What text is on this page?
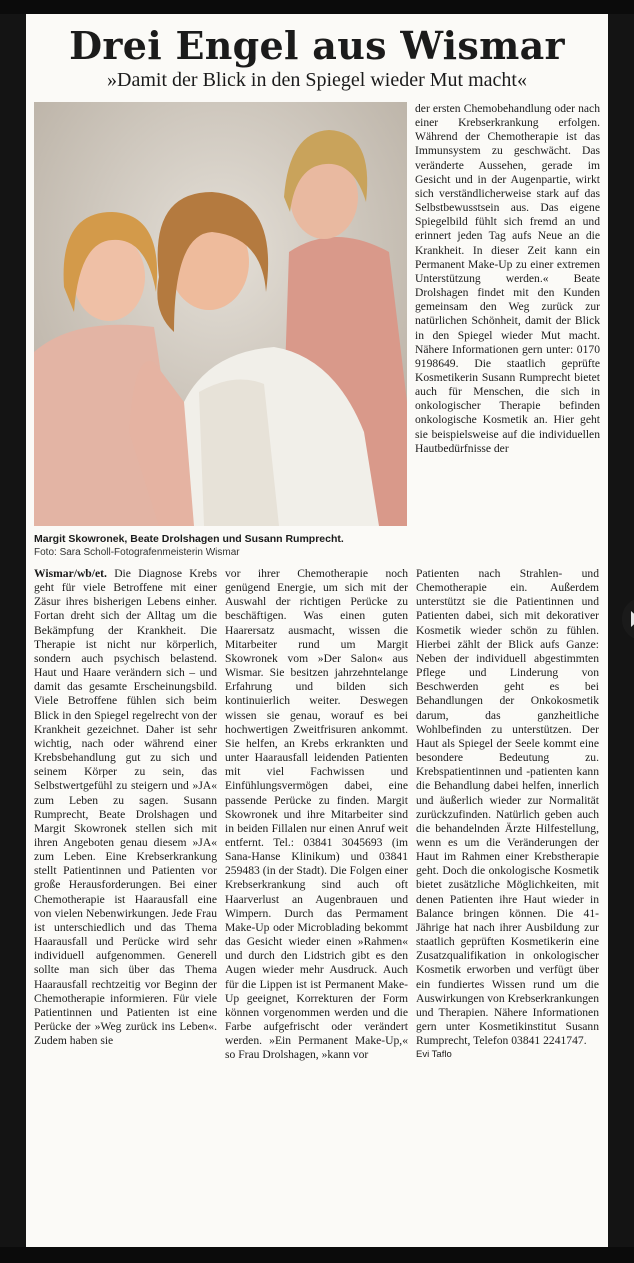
Drei Engel aus Wismar
»Damit der Blick in den Spiegel wieder Mut macht«
Margit Skowronek, Beate Drolshagen und Susann Rumprecht.
Foto: Sara Scholl-Fotografenmeisterin Wismar
der ersten Chemobehandlung oder nach einer Krebserkrankung erfolgen. Während der Chemotherapie ist das Immunsystem zu geschwächt. Das veränderte Aussehen, gerade im Gesicht und in der Augenpartie, wirkt sich verständlicherweise stark auf das Selbstbewusstsein aus. Das eigene Spiegelbild fühlt sich fremd an und erinnert jeden Tag aufs Neue an die Krankheit. In dieser Zeit kann ein Permanent Make-Up zu einer extremen Unterstützung werden.« Beate Drolshagen findet mit den Kunden gemeinsam den Weg zurück zur natürlichen Schönheit, damit der Blick in den Spiegel wieder Mut macht. Nähere Informationen gern unter: 0170 9198649. Die staatlich geprüfte Kosmetikerin Susann Rumprecht bietet auch für Menschen, die sich in onkologischer Therapie befinden onkologische Kosmetik an. Hier geht sie beispielsweise auf die individuellen Hautbedürfnisse der

Wismar/wb/et. Die Diagnose Krebs geht für viele Betroffene mit einer Zäsur ihres bisherigen Lebens einher. Fortan dreht sich der Alltag um die Bekämpfung der Krankheit. Die Therapie ist nicht nur körperlich, sondern auch psychisch belastend. Haut und Haare verändern sich – und damit das gesamte Erscheinungsbild. Viele Betroffene fühlen sich beim Blick in den Spiegel regelrecht von der Krankheit gezeichnet. Daher ist sehr wichtig, nach oder während einer Krebsbehandlung gut zu sich und seinem Körper zu sein, das Selbstwertgefühl zu steigern und »JA« zum Leben zu sagen. Susann Rumprecht, Beate Drolshagen und Margit Skowronek stellen sich mit ihren Angeboten genau diesem »JA« zum Leben. Eine Krebserkrankung stellt Patientinnen und Patienten vor große Herausforderungen. Bei einer Chemotherapie ist Haarausfall eine von vielen Nebenwirkungen. Jede Frau ist unterschiedlich und das Thema Haarausfall und Perücke wird sehr individuell aufgenommen. Generell sollte man sich über das Thema Haarausfall rechtzeitig vor Beginn der Chemotherapie informieren. Für viele Patientinnen und Patienten ist eine Perücke der »Weg zurück ins Leben«. Zudem haben sie

vor ihrer Chemotherapie noch genügend Energie, um sich mit der Auswahl der richtigen Perücke zu beschäftigen. Was einen guten Haarersatz ausmacht, wissen die Mitarbeiter rund um Margit Skowronek vom »Der Salon« aus Wismar. Sie besitzen jahrzehntelange Erfahrung und bilden sich kontinuierlich weiter. Deswegen wissen sie genau, worauf es bei hochwertigen Zweitfrisuren ankommt. Sie helfen, an Krebs erkrankten und unter Haarausfall leidenden Patienten mit viel Fachwissen und Einfühlungsvermögen dabei, eine passende Perücke zu finden. Margit Skowronek und ihre Mitarbeiter sind in beiden Fillalen nur einen Anruf weit entfernt. Tel.: 03841 3045693 (im Sana-Hanse Klinikum) und 03841 259483 (in der Stadt). Die Folgen einer Krebserkrankung sind auch oft Haarverlust an Augenbrauen und Wimpern. Durch das Permament Make-Up oder Microblading bekommt das Gesicht wieder einen »Rahmen« und durch den Lidstrich gibt es den Augen wieder mehr Ausdruck. Auch für die Lippen ist ist Permanent Make-Up geeignet, Korrekturen der Form können vorgenommen werden und die Farbe aufgefrischt oder verändert werden. »Ein Permanent Make-Up,« so Frau Drolshagen, »kann vor

Patienten nach Strahlen- und Chemotherapie ein. Außerdem unterstützt sie die Patientinnen und Patienten dabei, sich mit dekorativer Kosmetik wieder schön zu fühlen. Hierbei zählt der Blick aufs Ganze: Neben der individuell abgestimmten Pflege und Linderung von Beschwerden geht es bei Behandlungen der Onkokosmetik darum, das ganzheitliche Wohlbefinden zu unterstützen. Der Haut als Spiegel der Seele kommt eine besondere Bedeutung zu. Krebspatientinnen und -patienten kann die Behandlung dabei helfen, innerlich und äußerlich wieder zur Normalität zurückzufinden. Natürlich geben auch die behandelnden Ärzte Hilfestellung, wenn es um die Veränderungen der Haut im Rahmen einer Krebstherapie geht. Doch die onkologische Kosmetik bietet zusätzliche Möglichkeiten, mit denen Patienten ihre Haut wieder in Balance bringen können. Die 41-Jährige hat nach ihrer Ausbildung zur staatlich geprüften Kosmetikerin eine Zusatzqualifikation in onkologischer Kosmetik erworben und verfügt über ein fundiertes Wissen rund um die Auswirkungen von Krebserkrankungen und Therapien. Nähere Informationen gern unter Kosmetikinstitut Susann Rumprecht, Telefon 03841 2241747.

Evi Taflo
